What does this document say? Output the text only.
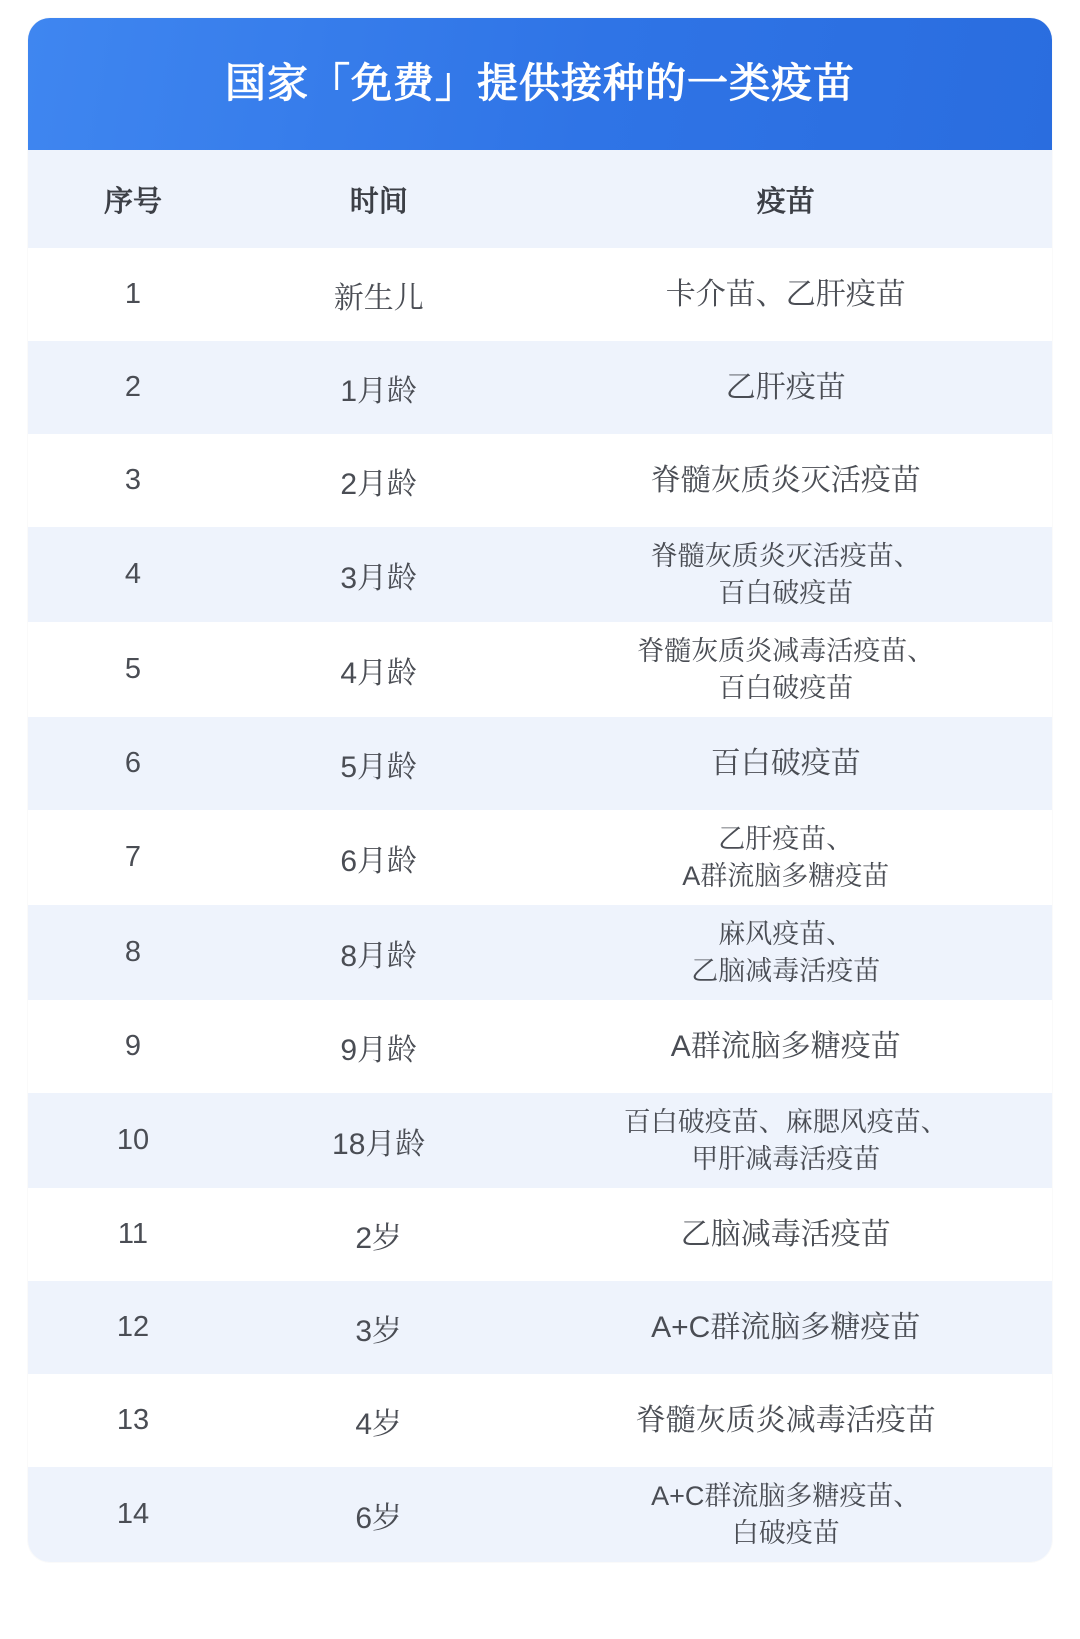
国家「免费」提供接种的一类疫苗
序号	时间	疫苗
1	新生儿	卡介苗、乙肝疫苗

2	1月龄	乙肝疫苗

3	2月龄	脊髓灰质炎灭活疫苗

4	3月龄	脊髓灰质炎灭活疫苗、
百白破疫苗

5	4月龄	脊髓灰质炎减毒活疫苗、
百白破疫苗

6	5月龄	百白破疫苗

7	6月龄	乙肝疫苗、
A群流脑多糖疫苗

8	8月龄	麻风疫苗、
乙脑减毒活疫苗

9	9月龄	A群流脑多糖疫苗

10	18月龄	百白破疫苗、麻腮风疫苗、
甲肝减毒活疫苗

11	2岁	乙脑减毒活疫苗

12	3岁	A+C群流脑多糖疫苗

13	4岁	脊髓灰质炎减毒活疫苗

14	6岁	A+C群流脑多糖疫苗、
白破疫苗
